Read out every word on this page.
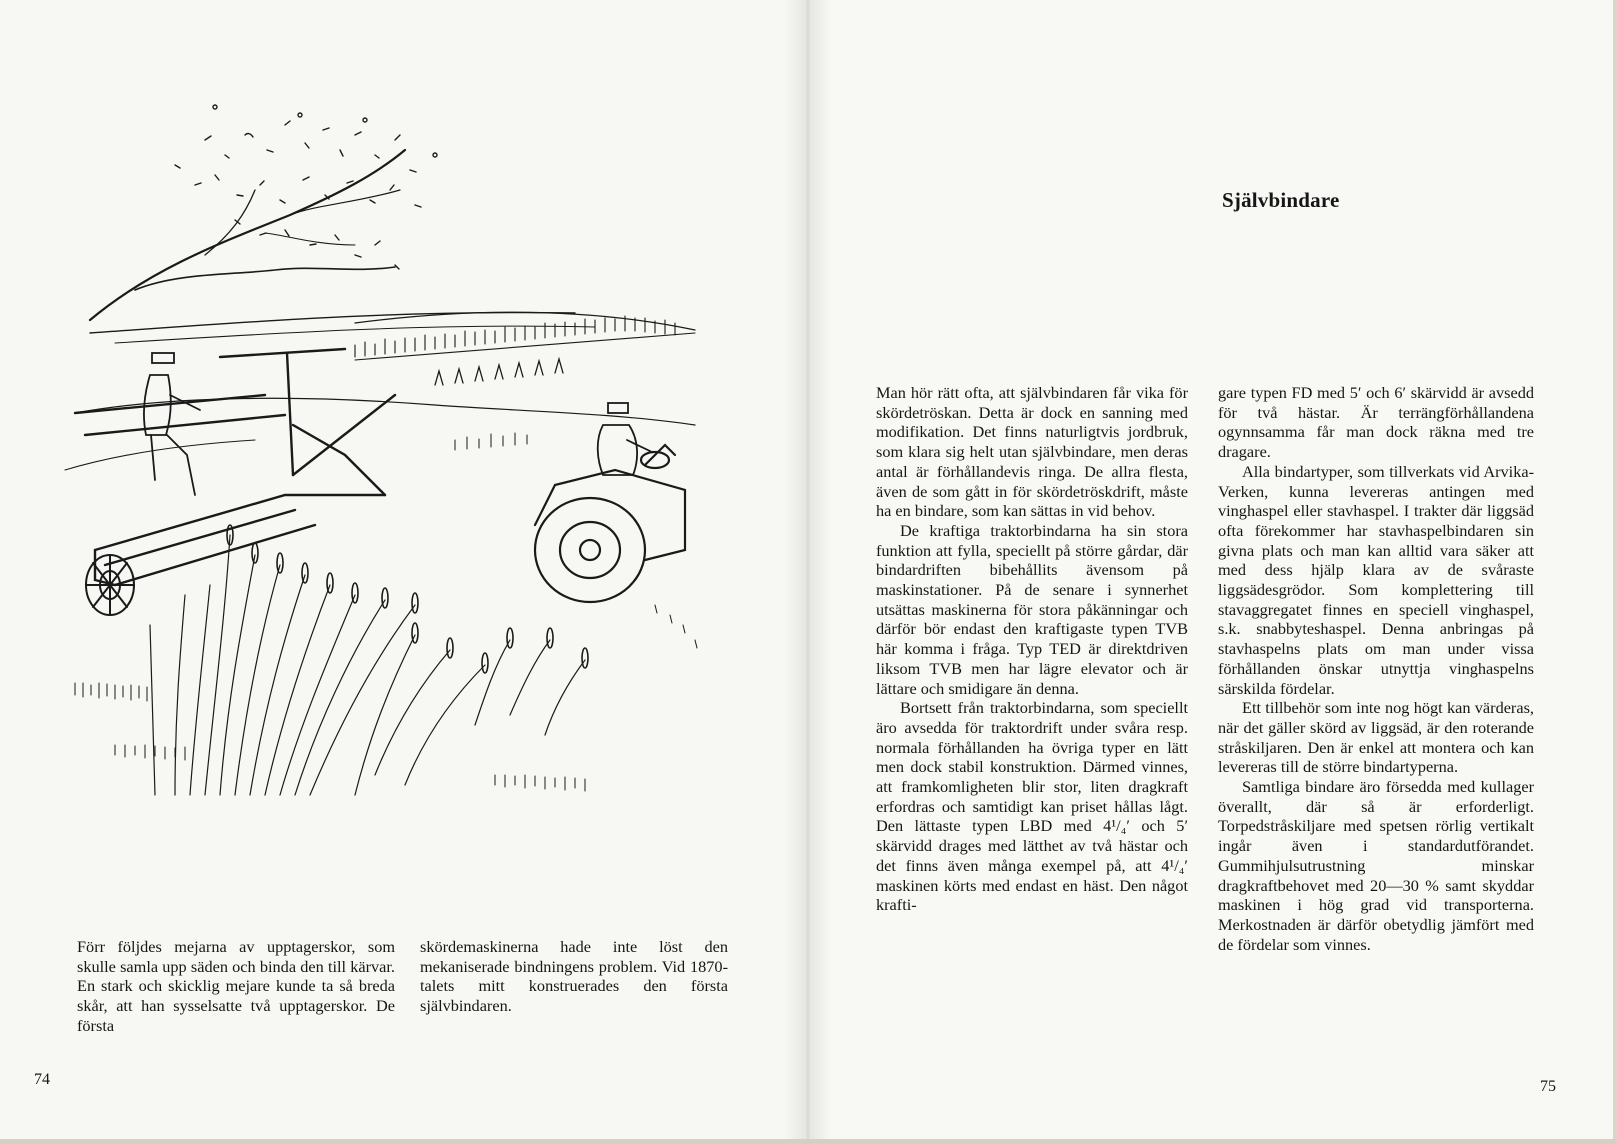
Förr följdes mejarna av upptagerskor, som skulle samla upp säden och binda den till kärvar. En stark och skicklig mejare kunde ta så breda skår, att han sysselsatte två upptagerskor. De första

skördemaskinerna hade inte löst den mekaniserade bindningens problem. Vid 1870-talets mitt konstruerades den första självbindaren.

74
Självbindare

Man hör rätt ofta, att självbindaren får vika för skördetröskan. Detta är dock en sanning med modifikation. Det finns naturligtvis jordbruk, som klara sig helt utan självbindare, men deras antal är förhållandevis ringa. De allra flesta, även de som gått in för skördetröskdrift, måste ha en bindare, som kan sättas in vid behov.

De kraftiga traktorbindarna ha sin stora funktion att fylla, speciellt på större gårdar, där bindardriften bibehållits ävensom på maskinstationer. På de senare i synnerhet utsättas maskinerna för stora påkänningar och därför bör endast den kraftigaste typen TVB här komma i fråga. Typ TED är direktdriven liksom TVB men har lägre elevator och är lättare och smidigare än denna.

Bortsett från traktorbindarna, som speciellt äro avsedda för traktordrift under svåra resp. normala förhållanden ha övriga typer en lätt men dock stabil konstruktion. Därmed vinnes, att framkomligheten blir stor, liten dragkraft erfordras och samtidigt kan priset hållas lågt. Den lättaste typen LBD med 4¹/₄′ och 5′ skärvidd drages med lätthet av två hästar och det finns även många exempel på, att 4¹/₄′ maskinen körts med endast en häst. Den något krafti-

gare typen FD med 5′ och 6′ skärvidd är avsedd för två hästar. Är terrängförhållandena ogynnsamma får man dock räkna med tre dragare.

Alla bindartyper, som tillverkats vid Arvika-Verken, kunna levereras antingen med vinghaspel eller stavhaspel. I trakter där liggsäd ofta förekommer har stavhaspelbindaren sin givna plats och man kan alltid vara säker att med dess hjälp klara av de svåraste liggsädesgrödor. Som komplettering till stavaggregatet finnes en speciell vinghaspel, s.k. snabbyteshaspel. Denna anbringas på stavhaspelns plats om man under vissa förhållanden önskar utnyttja vinghaspelns särskilda fördelar.

Ett tillbehör som inte nog högt kan värderas, när det gäller skörd av liggsäd, är den roterande stråskiljaren. Den är enkel att montera och kan levereras till de större bindartyperna.

Samtliga bindare äro försedda med kullager överallt, där så är erforderligt. Torpedstråskiljare med spetsen rörlig vertikalt ingår även i standardutförandet. Gummihjulsutrustning minskar dragkraftbehovet med 20—30 % samt skyddar maskinen i hög grad vid transporterna. Merkostnaden är därför obetydlig jämfört med de fördelar som vinnes.

75
